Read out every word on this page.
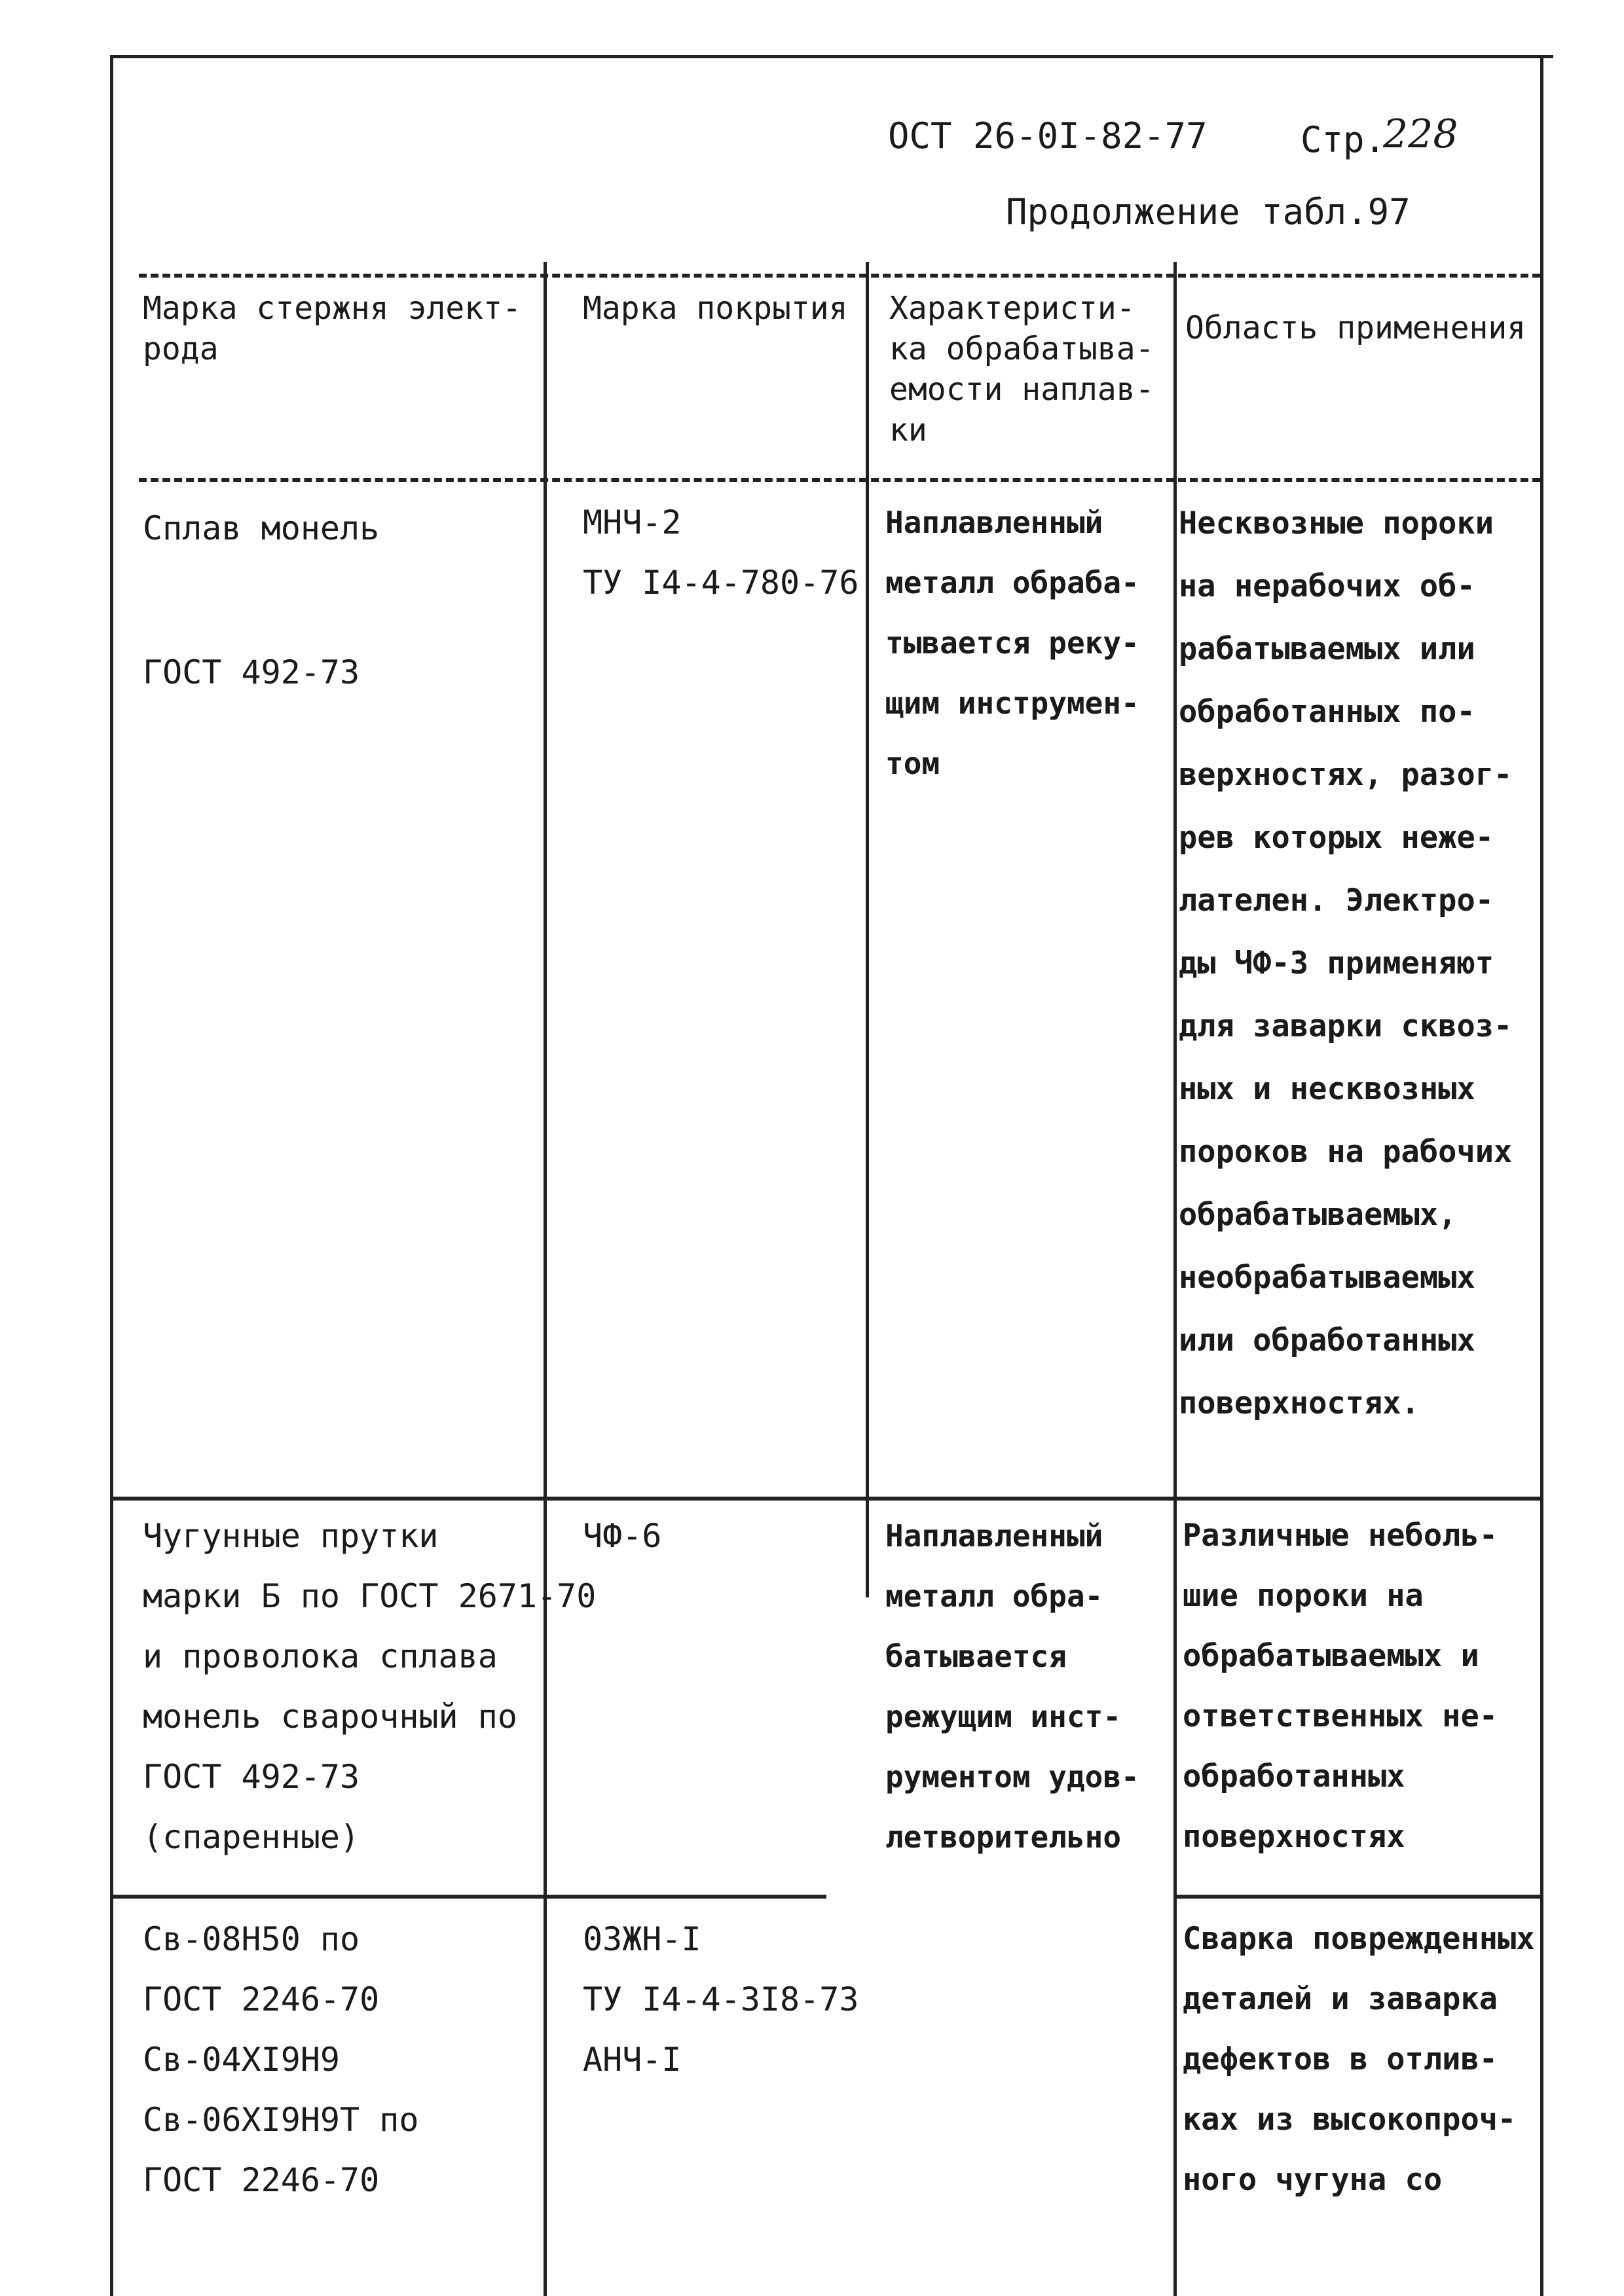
ОСТ 26-0I-82-77	Стр.
228
Продолжение табл.97
Марка стержня элект-
рода
Марка покрытия Характеристи-
ка обрабатыва-
емости наплав-
ки
Область применения
Сплав монель

ГОСТ 492-73
МНЧ-2
ТУ I4-4-780-76
Наплавленный
металл обраба-
тывается реку-
щим инструмен-
том
Несквозные пороки
на нерабочих об-
рабатываемых или
обработанных по-
верхностях, разог-
рев которых неже-
лателен. Электро-
ды ЧФ-3 применяют
для заварки сквоз-
ных и несквозных
пороков на рабочих
обрабатываемых,
необрабатываемых
или обработанных
поверхностях.
Чугунные прутки
марки Б по ГОСТ 2671-70
и проволока сплава
монель сварочный по
ГОСТ 492-73
(спаренные)
ЧФ-6	Наплавленный
металл обра-
батывается
режущим инст-
рументом удов-
летворительно
Различные неболь-
шие пороки на
обрабатываемых и
ответственных не-
обработанных
поверхностях
Св-08Н50 по
ГОСТ 2246-70
Св-04ХI9Н9
Св-06ХI9Н9Т по
ГОСТ 2246-70
03ЖН-I
ТУ I4-4-3I8-73
АНЧ-I
Сварка поврежденных
деталей и заварка
дефектов в отлив-
ках из высокопроч-
ного чугуна со
